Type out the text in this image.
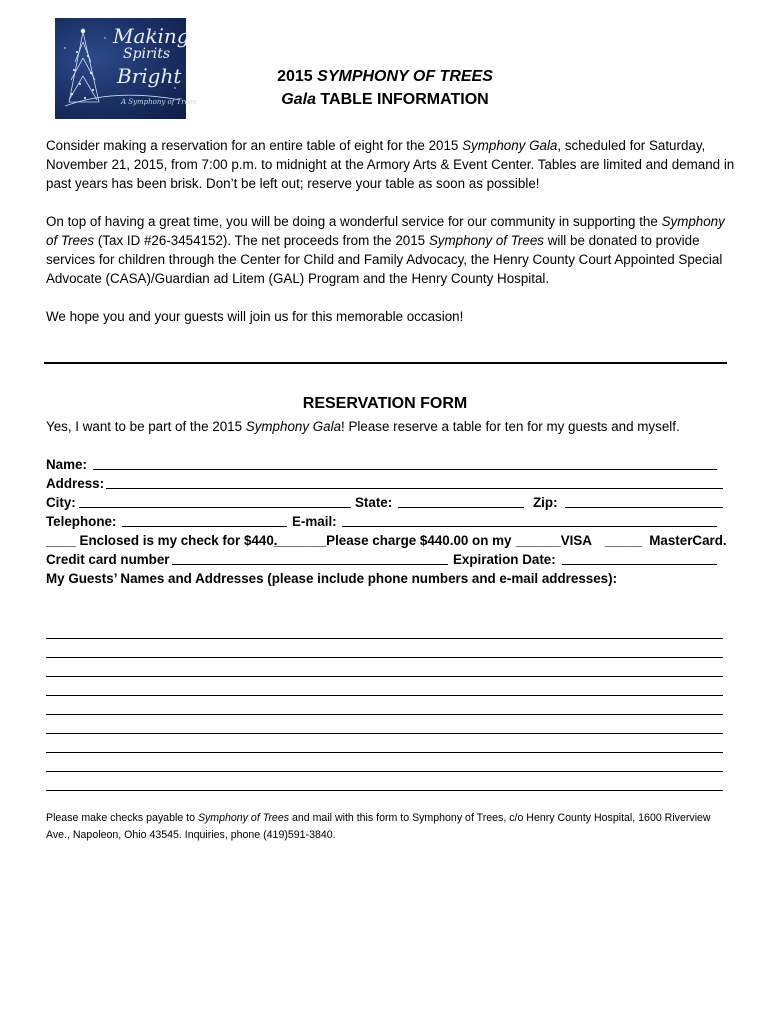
Making
Spirits
Bright
A Symphony of Trees
2015 SYMPHONY OF TREES
Gala TABLE INFORMATION

Consider making a reservation for an entire table of eight for the 2015 Symphony Gala, scheduled for Saturday, November 21, 2015, from 7:00 p.m. to midnight at the Armory Arts & Event Center. Tables are limited and demand in past years has been brisk. Don’t be left out; reserve your table as soon as possible!

On top of having a great time, you will be doing a wonderful service for our community in supporting the Symphony of Trees (Tax ID #26-3454152). The net proceeds from the 2015 Symphony of Trees will be donated to provide services for children through the Center for Child and Family Advocacy, the Henry County Court Appointed Special Advocate (CASA)/Guardian ad Litem (GAL) Program and the Henry County Hospital.

We hope you and your guests will join us for this memorable occasion!

RESERVATION FORM
Yes, I want to be part of the 2015 Symphony Gala! Please reserve a table for ten for my guests and myself.
Name:
Address:
City:	State:	Zip:
Telephone:	E-mail:
____ Enclosed is my check for $440.
_______Please charge $440.00 on my ______VISA _____ MasterCard.
Credit card number	Expiration Date:
My Guests’ Names and Addresses (please include phone numbers and e-mail addresses):
Please make checks payable to Symphony of Trees and mail with this form to Symphony of Trees, c/o Henry County Hospital, 1600 Riverview Ave., Napoleon, Ohio 43545. Inquiries, phone (419)591-3840.
